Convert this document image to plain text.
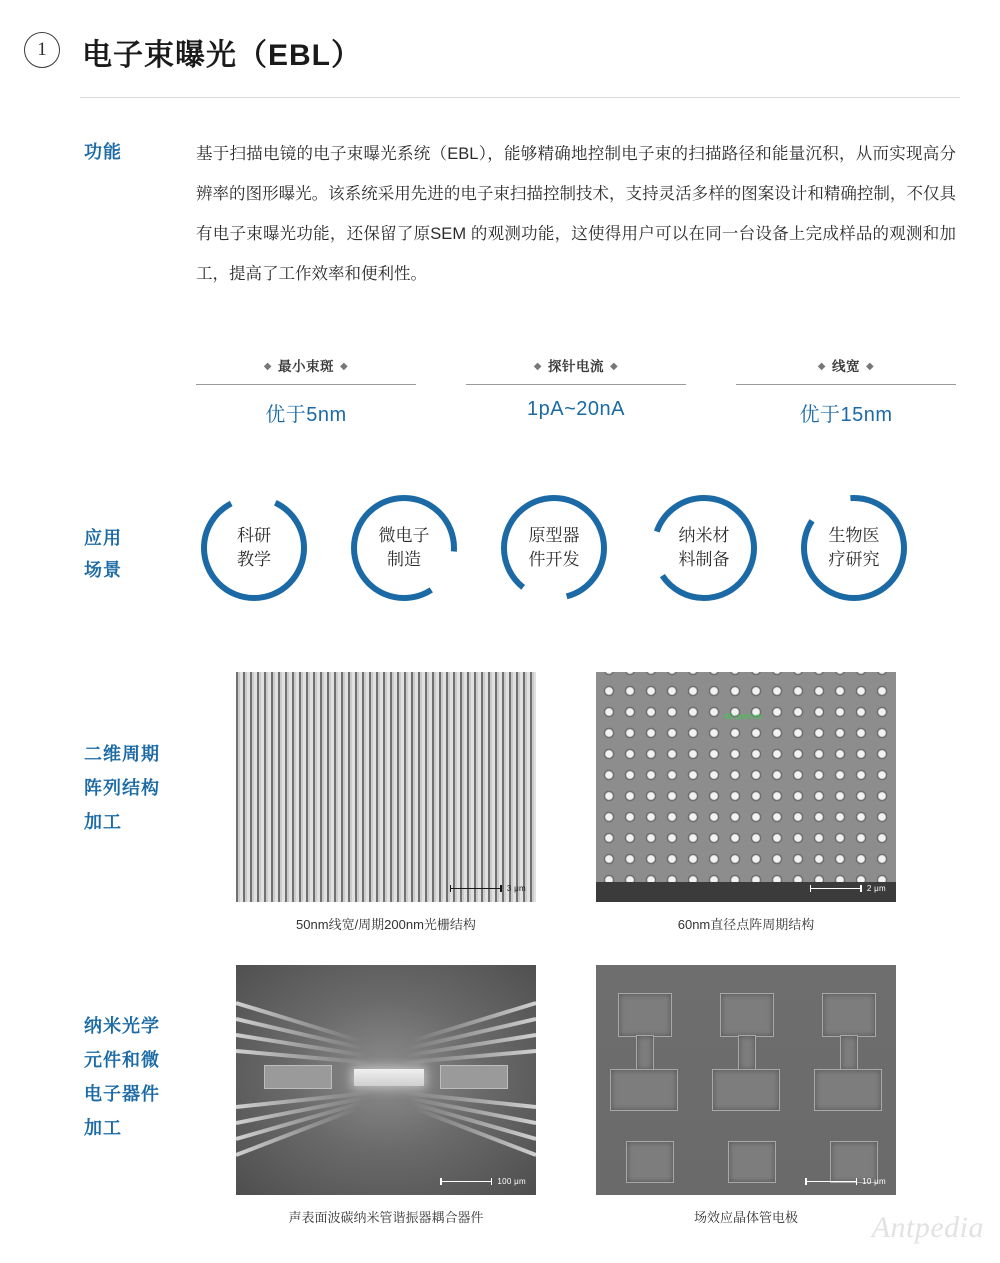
1	电子束曝光（EBL）
功能	基于扫描电镜的电子束曝光系统（EBL），能够精确地控制电子束的扫描路径和能量沉积，从而实现高分辨率的图形曝光。该系统采用先进的电子束扫描控制技术，支持灵活多样的图案设计和精确控制，不仅具有电子束曝光功能，还保留了原SEM 的观测功能，这使得用户可以在同一台设备上完成样品的观测和加工，提高了工作效率和便利性。
◆ 最小束斑 ◆
优于5nm
◆ 探针电流 ◆
1pA~20nA
◆ 线宽 ◆
优于15nm
应用
场景
科研
教学
微电子
制造
原型器
件开发
纳米材
料制备
生物医
疗研究
二维周期
阵列结构
加工
3 μm
50nm线宽/周期200nm光栅结构
40 μm/mm
2 μm
60nm直径点阵周期结构
纳米光学
元件和微
电子器件
加工
100 μm
声表面波碳纳米管谐振器耦合器件
10 μm
场效应晶体管电极	Antpedia
